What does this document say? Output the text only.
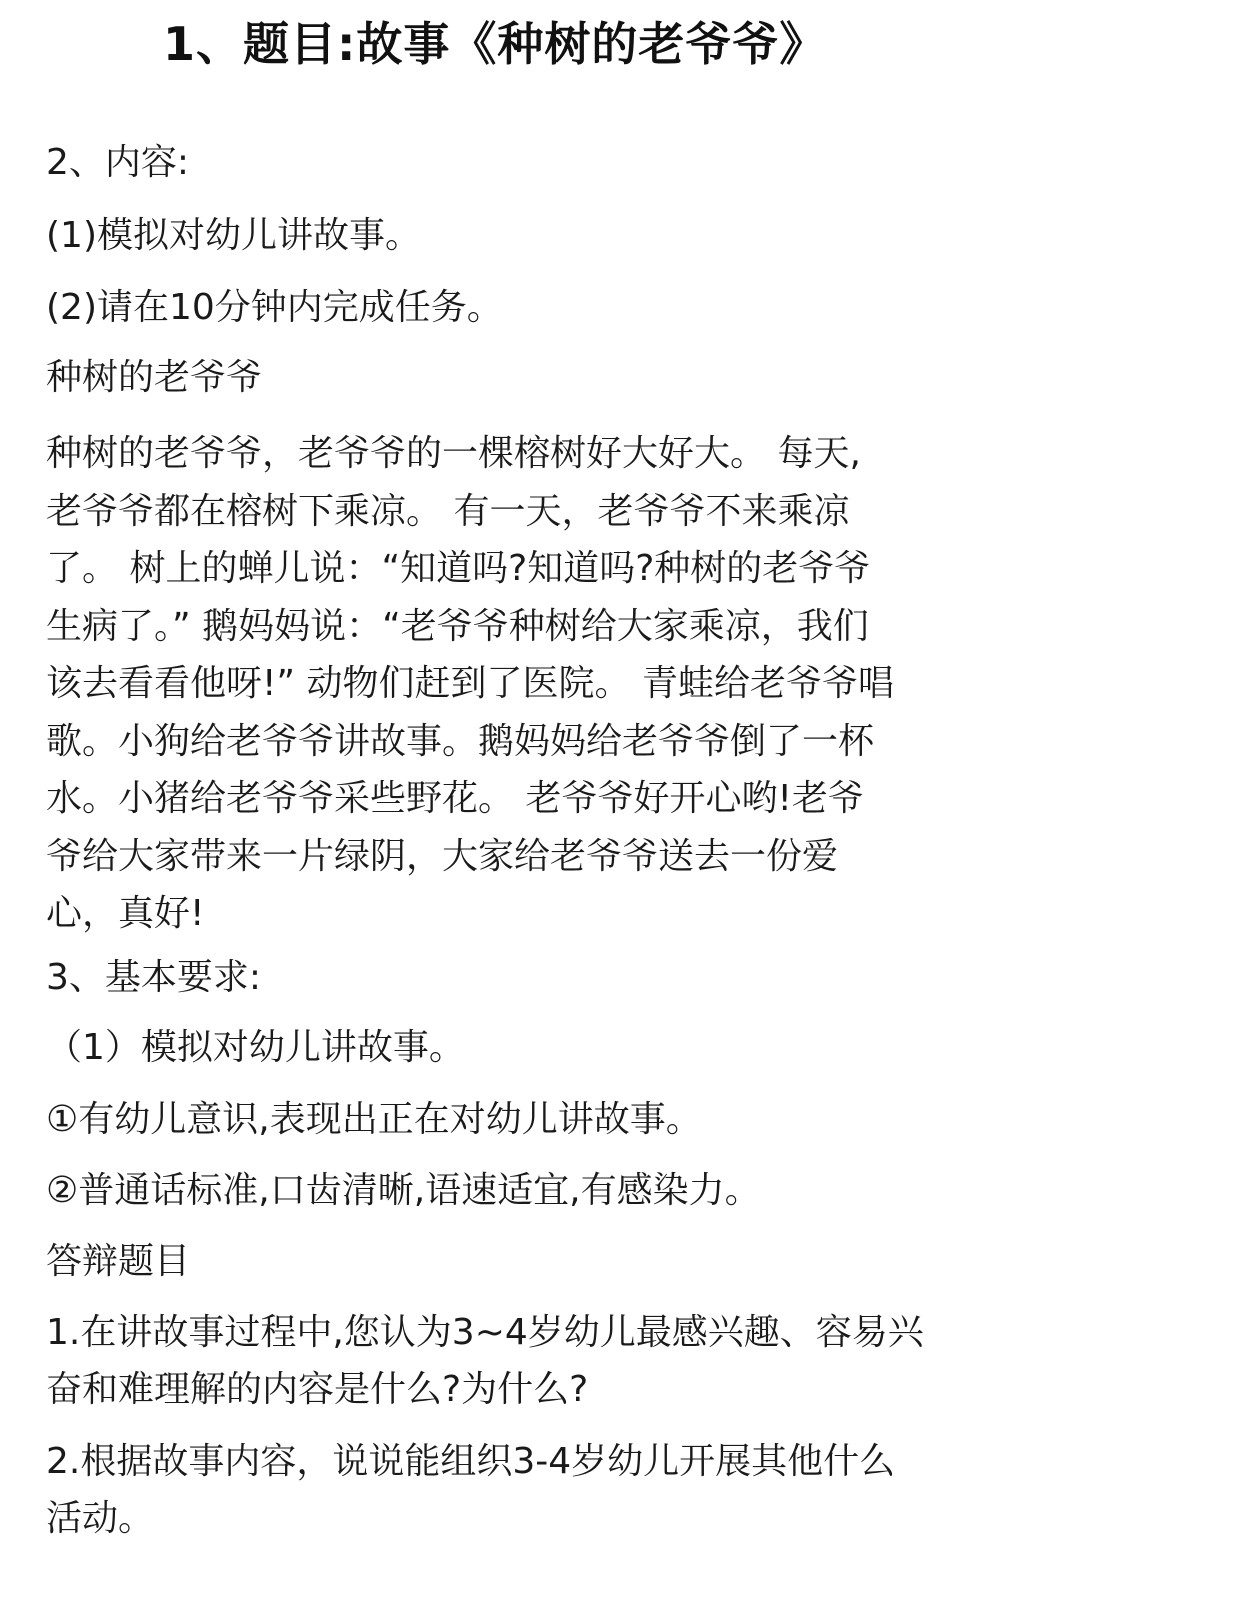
1、题目:故事《种树的老爷爷》

2、内容:

(1)模拟对幼儿讲故事。

(2)请在10分钟内完成任务。

种树的老爷爷

种树的老爷爷，老爷爷的一棵榕树好大好大。 每天,
老爷爷都在榕树下乘凉。 有一天，老爷爷不来乘凉
了。 树上的蝉儿说：“知道吗?知道吗?种树的老爷爷
生病了。” 鹅妈妈说：“老爷爷种树给大家乘凉，我们
该去看看他呀!” 动物们赶到了医院。 青蛙给老爷爷唱
歌。小狗给老爷爷讲故事。鹅妈妈给老爷爷倒了一杯
水。小猪给老爷爷采些野花。 老爷爷好开心哟!老爷
爷给大家带来一片绿阴，大家给老爷爷送去一份爱
心，真好!

3、基本要求:

（1）模拟对幼儿讲故事。

①有幼儿意识,表现出正在对幼儿讲故事。

②普通话标准,口齿清晰,语速适宜,有感染力。

答辩题目

1.在讲故事过程中,您认为3~4岁幼儿最感兴趣、容易兴

奋和难理解的内容是什么?为什么?

2.根据故事内容，说说能组织3-4岁幼儿开展其他什么

活动。
